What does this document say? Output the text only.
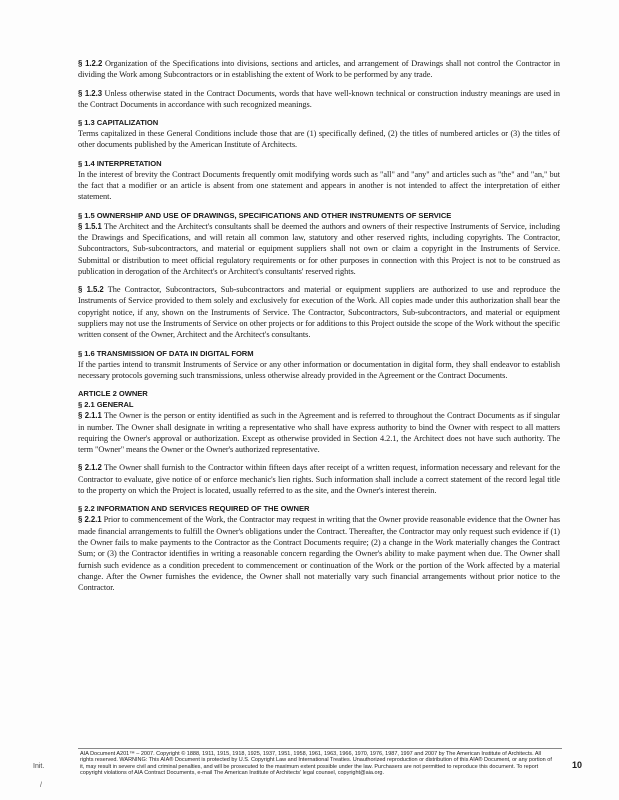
§ 1.2.2 Organization of the Specifications into divisions, sections and articles, and arrangement of Drawings shall not control the Contractor in dividing the Work among Subcontractors or in establishing the extent of Work to be performed by any trade.

§ 1.2.3 Unless otherwise stated in the Contract Documents, words that have well-known technical or construction industry meanings are used in the Contract Documents in accordance with such recognized meanings.

§ 1.3 CAPITALIZATION

Terms capitalized in these General Conditions include those that are (1) specifically defined, (2) the titles of numbered articles or (3) the titles of other documents published by the American Institute of Architects.

§ 1.4 INTERPRETATION

In the interest of brevity the Contract Documents frequently omit modifying words such as "all" and "any" and articles such as "the" and "an," but the fact that a modifier or an article is absent from one statement and appears in another is not intended to affect the interpretation of either statement.

§ 1.5 OWNERSHIP AND USE OF DRAWINGS, SPECIFICATIONS AND OTHER INSTRUMENTS OF SERVICE

§ 1.5.1 The Architect and the Architect's consultants shall be deemed the authors and owners of their respective Instruments of Service, including the Drawings and Specifications, and will retain all common law, statutory and other reserved rights, including copyrights. The Contractor, Subcontractors, Sub-subcontractors, and material or equipment suppliers shall not own or claim a copyright in the Instruments of Service. Submittal or distribution to meet official regulatory requirements or for other purposes in connection with this Project is not to be construed as publication in derogation of the Architect's or Architect's consultants' reserved rights.

§ 1.5.2 The Contractor, Subcontractors, Sub-subcontractors and material or equipment suppliers are authorized to use and reproduce the Instruments of Service provided to them solely and exclusively for execution of the Work. All copies made under this authorization shall bear the copyright notice, if any, shown on the Instruments of Service. The Contractor, Subcontractors, Sub-subcontractors, and material or equipment suppliers may not use the Instruments of Service on other projects or for additions to this Project outside the scope of the Work without the specific written consent of the Owner, Architect and the Architect's consultants.

§ 1.6 TRANSMISSION OF DATA IN DIGITAL FORM

If the parties intend to transmit Instruments of Service or any other information or documentation in digital form, they shall endeavor to establish necessary protocols governing such transmissions, unless otherwise already provided in the Agreement or the Contract Documents.

ARTICLE 2 OWNER
§ 2.1 GENERAL

§ 2.1.1 The Owner is the person or entity identified as such in the Agreement and is referred to throughout the Contract Documents as if singular in number. The Owner shall designate in writing a representative who shall have express authority to bind the Owner with respect to all matters requiring the Owner's approval or authorization. Except as otherwise provided in Section 4.2.1, the Architect does not have such authority. The term "Owner" means the Owner or the Owner's authorized representative.

§ 2.1.2 The Owner shall furnish to the Contractor within fifteen days after receipt of a written request, information necessary and relevant for the Contractor to evaluate, give notice of or enforce mechanic's lien rights. Such information shall include a correct statement of the record legal title to the property on which the Project is located, usually referred to as the site, and the Owner's interest therein.

§ 2.2 INFORMATION AND SERVICES REQUIRED OF THE OWNER

§ 2.2.1 Prior to commencement of the Work, the Contractor may request in writing that the Owner provide reasonable evidence that the Owner has made financial arrangements to fulfill the Owner's obligations under the Contract. Thereafter, the Contractor may only request such evidence if (1) the Owner fails to make payments to the Contractor as the Contract Documents require; (2) a change in the Work materially changes the Contract Sum; or (3) the Contractor identifies in writing a reasonable concern regarding the Owner's ability to make payment when due. The Owner shall furnish such evidence as a condition precedent to commencement or continuation of the Work or the portion of the Work affected by a material change. After the Owner furnishes the evidence, the Owner shall not materially vary such financial arrangements without prior notice to the Contractor.

Init.
/
AIA Document A201™ – 2007. Copyright © 1888, 1911, 1915, 1918, 1925, 1937, 1951, 1958, 1961, 1963, 1966, 1970, 1976, 1987, 1997 and 2007 by The American Institute of Architects. All rights reserved. WARNING: This AIA® Document is protected by U.S. Copyright Law and International Treaties. Unauthorized reproduction or distribution of this AIA® Document, or any portion of it, may result in severe civil and criminal penalties, and will be prosecuted to the maximum extent possible under the law. Purchasers are not permitted to reproduce this document. To report copyright violations of AIA Contract Documents, e-mail The American Institute of Architects' legal counsel, copyright@aia.org.
10
